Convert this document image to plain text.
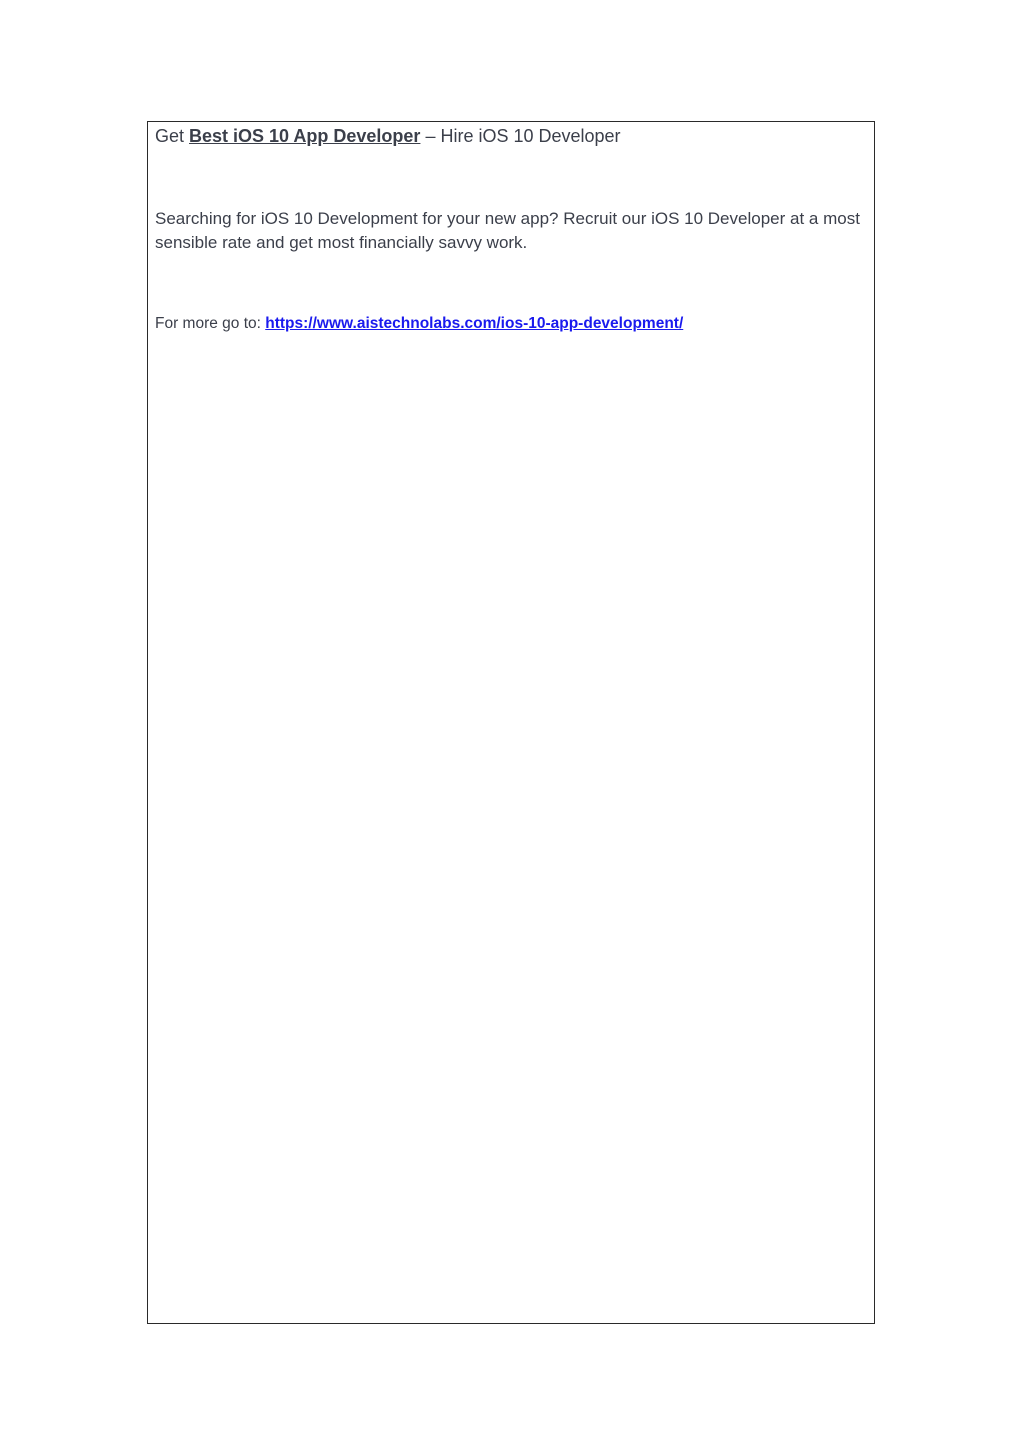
Get Best iOS 10 App Developer – Hire iOS 10 Developer
Searching for iOS 10 Development for your new app? Recruit our iOS 10 Developer at a most sensible rate and get most financially savvy work.
For more go to: https://www.aistechnolabs.com/ios-10-app-development/
